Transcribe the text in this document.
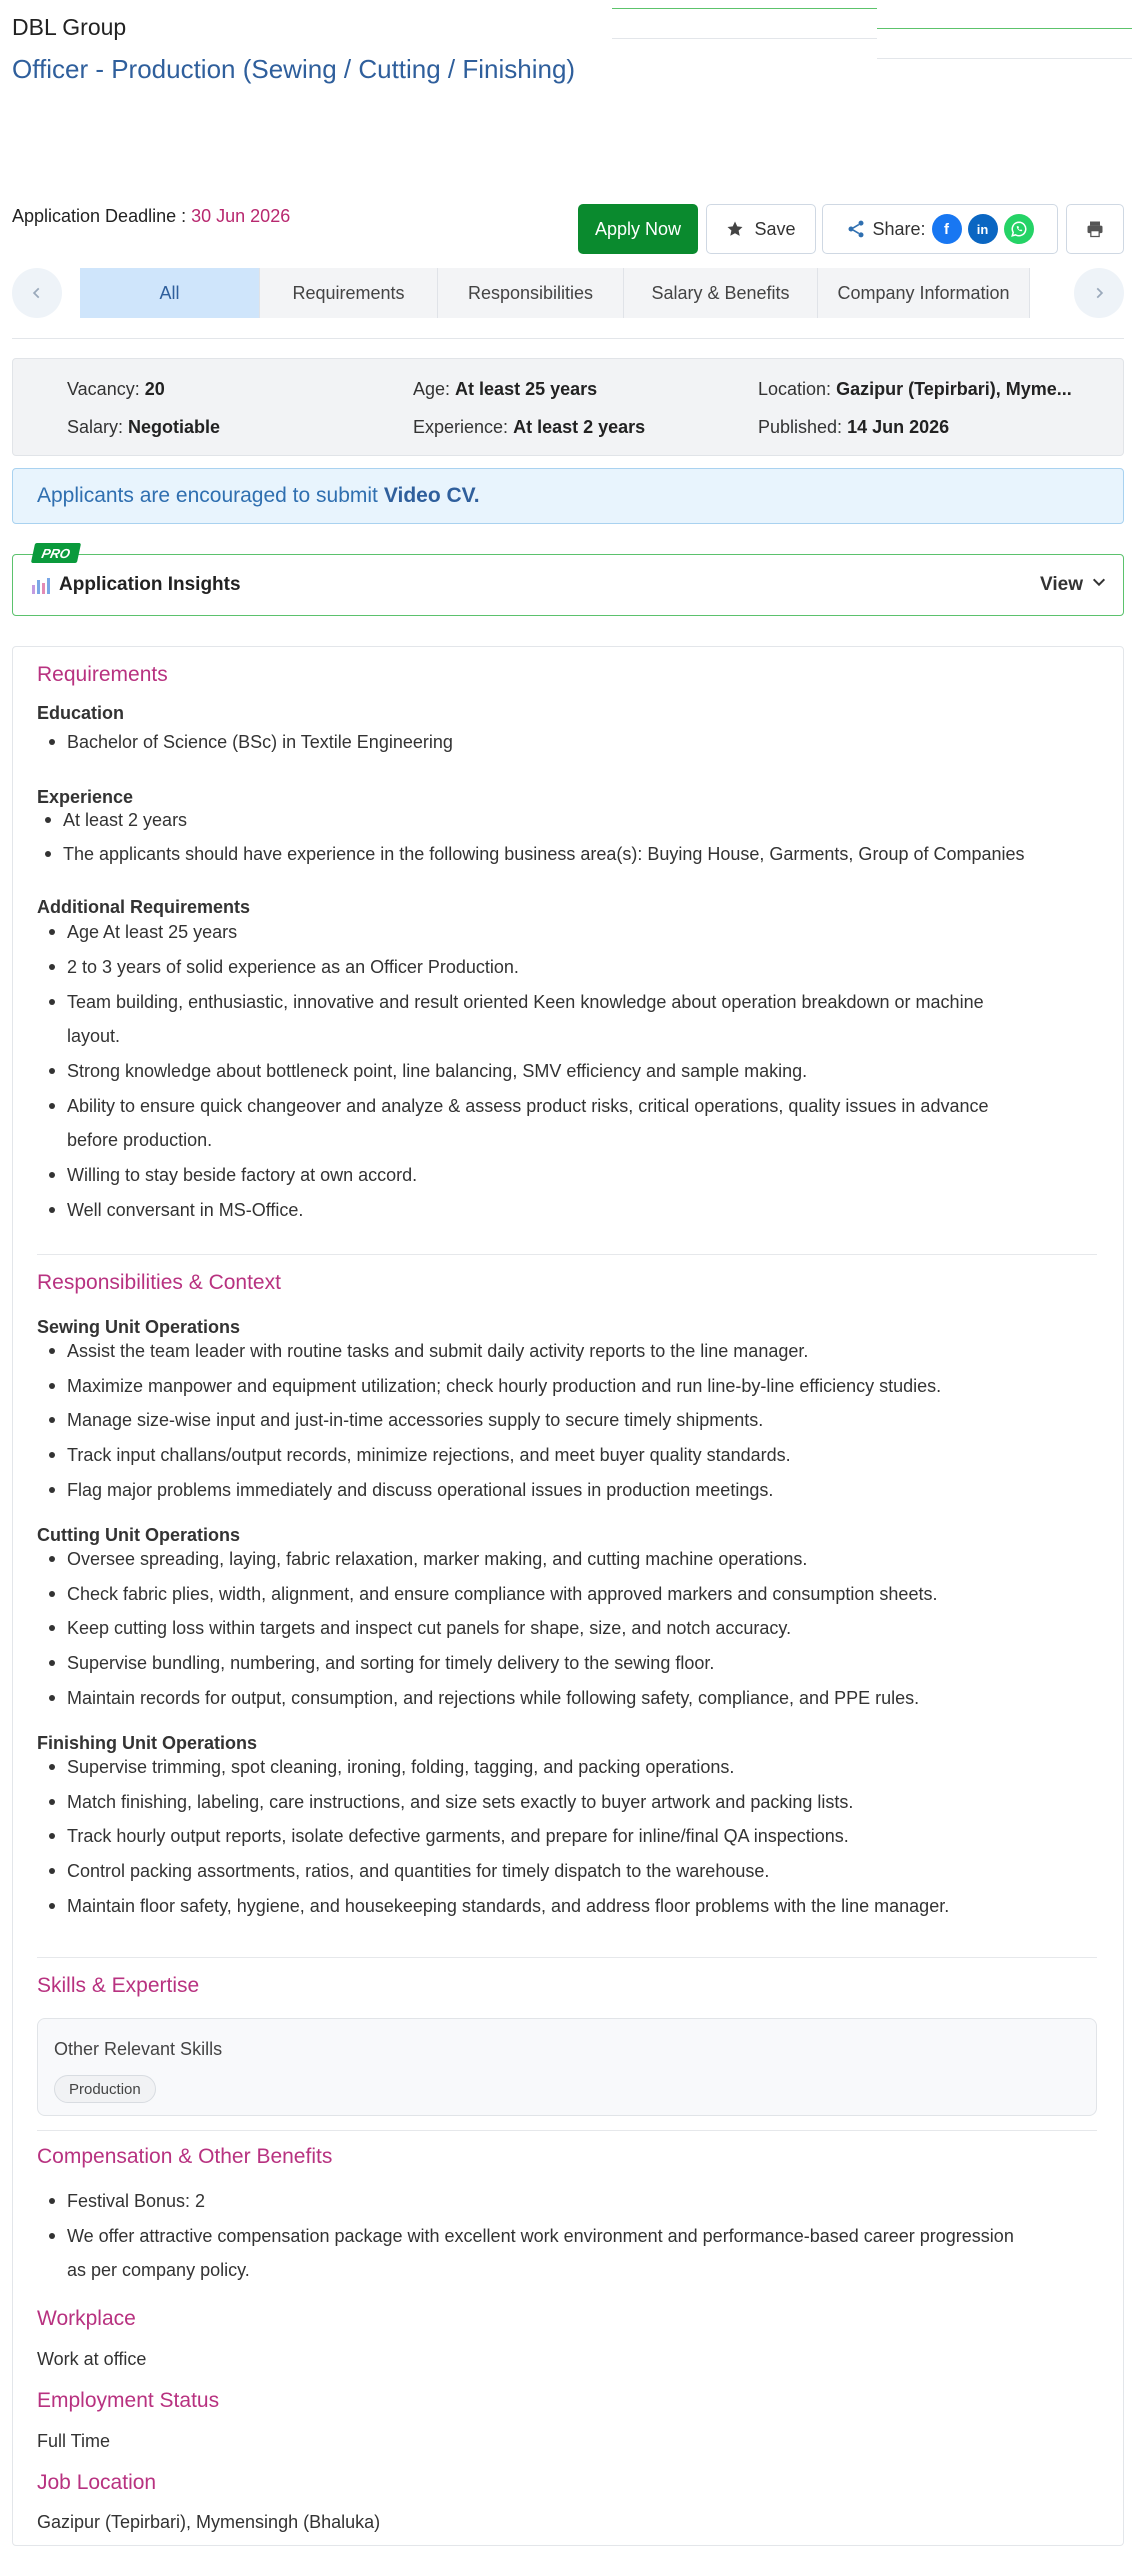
DBL Group
Officer - Production (Sewing / Cutting / Finishing)
Application Deadline : 30 Jun 2026
Apply Now	Save	Share:	f	in
All	Requirements	Responsibilities	Salary & Benefits	Company Information
Vacancy: 20	Age: At least 25 years	Location: Gazipur (Tepirbari), Myme...
Salary: Negotiable	Experience: At least 2 years	Published: 14 Jun 2026
Applicants are encouraged to submit Video CV.
PRO
Application Insights	View
Requirements
Education
Bachelor of Science (BSc) in Textile Engineering
Experience
At least 2 years
The applicants should have experience in the following business area(s): Buying House, Garments, Group of Companies
Additional Requirements
Age At least 25 years
2 to 3 years of solid experience as an Officer Production.
Team building, enthusiastic, innovative and result oriented Keen knowledge about operation breakdown or machine
layout.
Strong knowledge about bottleneck point, line balancing, SMV efficiency and sample making.
Ability to ensure quick changeover and analyze & assess product risks, critical operations, quality issues in advance
before production.
Willing to stay beside factory at own accord.
Well conversant in MS-Office.
Responsibilities & Context
Sewing Unit Operations
Assist the team leader with routine tasks and submit daily activity reports to the line manager.
Maximize manpower and equipment utilization; check hourly production and run line-by-line efficiency studies.
Manage size-wise input and just-in-time accessories supply to secure timely shipments.
Track input challans/output records, minimize rejections, and meet buyer quality standards.
Flag major problems immediately and discuss operational issues in production meetings.
Cutting Unit Operations
Oversee spreading, laying, fabric relaxation, marker making, and cutting machine operations.
Check fabric plies, width, alignment, and ensure compliance with approved markers and consumption sheets.
Keep cutting loss within targets and inspect cut panels for shape, size, and notch accuracy.
Supervise bundling, numbering, and sorting for timely delivery to the sewing floor.
Maintain records for output, consumption, and rejections while following safety, compliance, and PPE rules.
Finishing Unit Operations
Supervise trimming, spot cleaning, ironing, folding, tagging, and packing operations.
Match finishing, labeling, care instructions, and size sets exactly to buyer artwork and packing lists.
Track hourly output reports, isolate defective garments, and prepare for inline/final QA inspections.
Control packing assortments, ratios, and quantities for timely dispatch to the warehouse.
Maintain floor safety, hygiene, and housekeeping standards, and address floor problems with the line manager.
Skills & Expertise
Other Relevant Skills
Production
Compensation & Other Benefits
Festival Bonus: 2
We offer attractive compensation package with excellent work environment and performance-based career progression
as per company policy.
Workplace
Work at office
Employment Status
Full Time
Job Location
Gazipur (Tepirbari), Mymensingh (Bhaluka)
